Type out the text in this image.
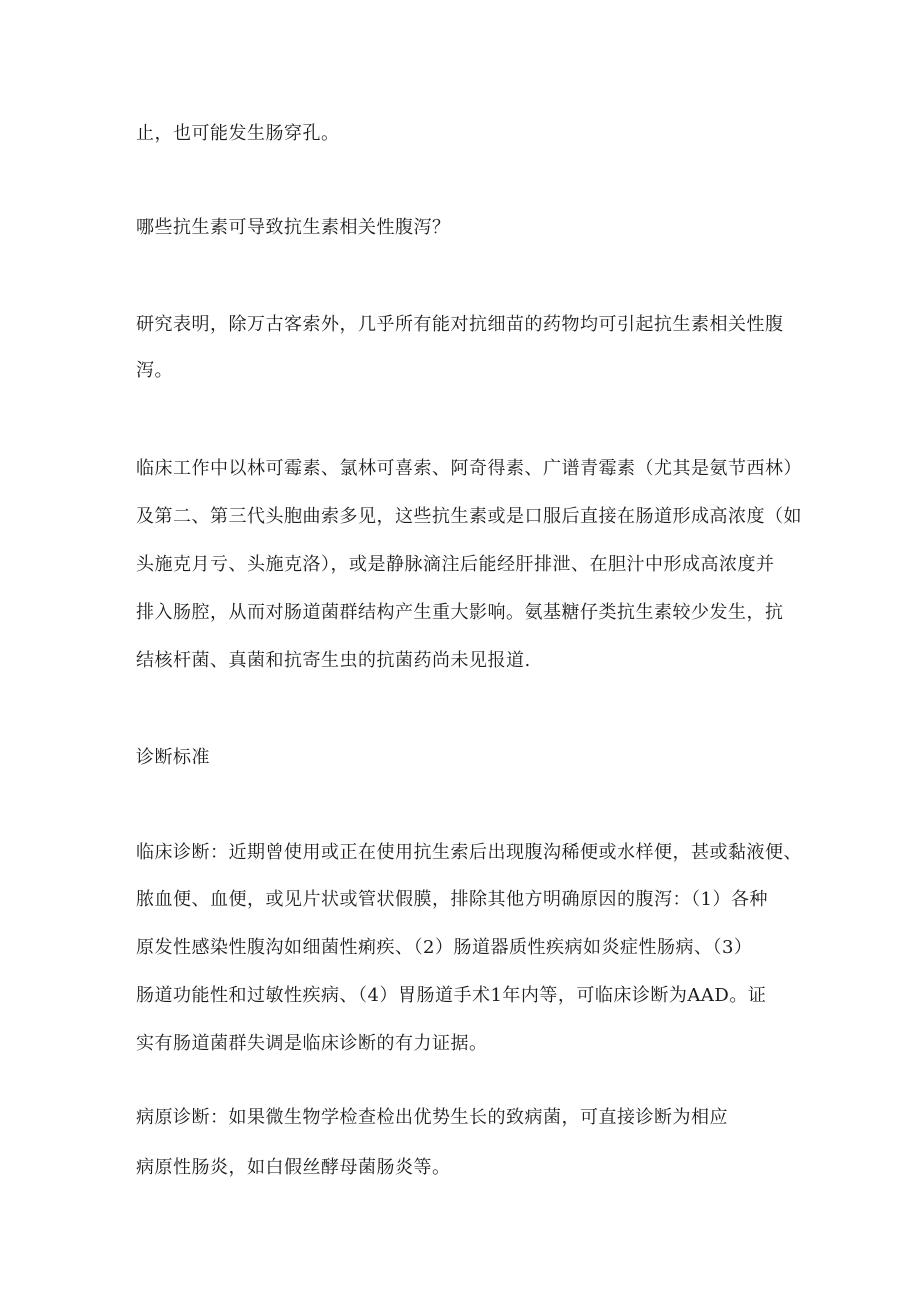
止，也可能发生肠穿孔。
哪些抗生素可导致抗生素相关性腹泻？
研究表明，除万古客索外，几乎所有能对抗细苗的药物均可引起抗生素相关性腹
泻。
临床工作中以林可霉素、氯林可喜索、阿奇得素、广谱青霉素（尤其是氨节西林）
及第二、第三代头胞曲索多见，这些抗生素或是口服后直接在肠道形成高浓度（如
头施克月亏、头施克洛），或是静脉滴注后能经肝排泄、在胆汁中形成高浓度并
排入肠腔，从而对肠道菌群结构产生重大影响。氨基糖仔类抗生素较少发生，抗
结核杆菌、真菌和抗寄生虫的抗菌药尚未见报道.
诊断标准
临床诊断：近期曾使用或正在使用抗生索后出现腹沟稀便或水样便，甚或黏液便、
脓血便、血便，或见片状或管状假膜，排除其他方明确原因的腹泻：（1）各种
原发性感染性腹沟如细菌性痢疾、（2）肠道器质性疾病如炎症性肠病、（3）
肠道功能性和过敏性疾病、（4）胃肠道手术1年内等，可临床诊断为AAD。证
实有肠道菌群失调是临床诊断的有力证据。
病原诊断：如果微生物学检查检出优势生长的致病菌，可直接诊断为相应
病原性肠炎，如白假丝酵母菌肠炎等。
